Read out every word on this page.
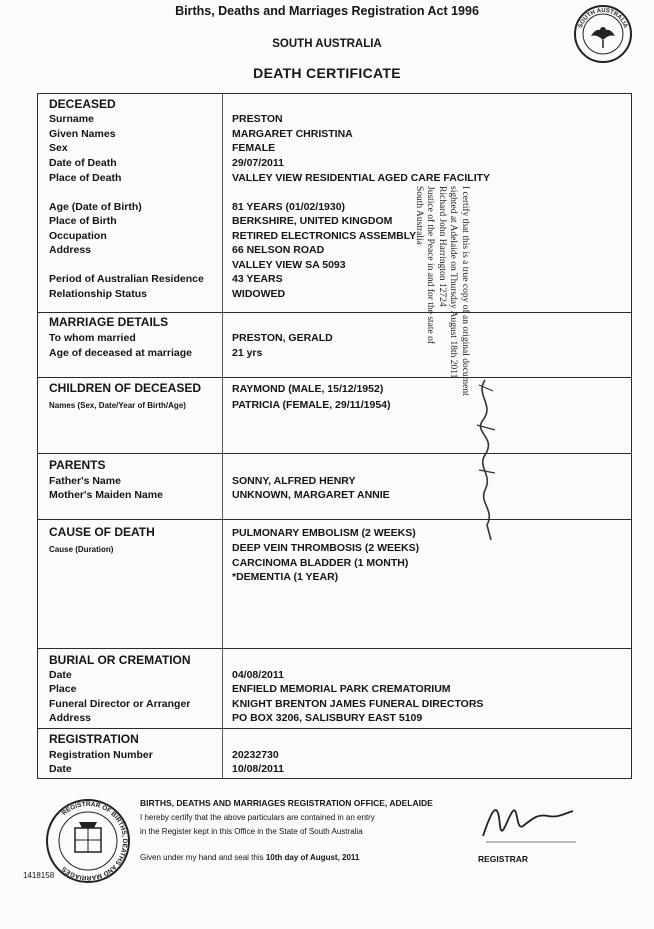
Births, Deaths and Marriages Registration Act 1996
SOUTH AUSTRALIA
DEATH CERTIFICATE
SOUTH AUSTRALIA
DECEASED
Surname	PRESTON
Given Names	MARGARET CHRISTINA
Sex	FEMALE
Date of Death	29/07/2011
Place of Death	VALLEY VIEW RESIDENTIAL AGED CARE FACILITY
Age (Date of Birth)	81 YEARS (01/02/1930)
Place of Birth	BERKSHIRE, UNITED KINGDOM
Occupation	RETIRED ELECTRONICS ASSEMBLY
Address	66 NELSON ROAD
VALLEY VIEW SA 5093
Period of Australian Residence	43 YEARS
Relationship Status	WIDOWED
MARRIAGE DETAILS
To whom married	PRESTON, GERALD
Age of deceased at marriage	21 yrs
CHILDREN OF DECEASED
Names (Sex, Date/Year of Birth/Age)
RAYMOND (MALE, 15/12/1952)
PATRICIA (FEMALE, 29/11/1954)
PARENTS
Father's Name	SONNY, ALFRED HENRY
Mother's Maiden Name	UNKNOWN, MARGARET ANNIE
CAUSE OF DEATH
Cause (Duration)
PULMONARY EMBOLISM (2 WEEKS)
DEEP VEIN THROMBOSIS (2 WEEKS)
CARCINOMA BLADDER (1 MONTH)
*DEMENTIA (1 YEAR)
BURIAL OR CREMATION
Date	04/08/2011
Place	ENFIELD MEMORIAL PARK CREMATORIUM
Funeral Director or Arranger	KNIGHT BRENTON JAMES FUNERAL DIRECTORS
Address	PO BOX 3206, SALISBURY EAST 5109
REGISTRATION
Registration Number	20232730
Date	10/08/2011
I certify that this is a true copy of an original document
sighted at Adelaide on Thursday August 18th 2011
Richard John Harrington 12724
Justice of the Peace in and for the state of
South Australia
REGISTRAR OF BIRTHS, DEATHS AND MARRIAGES
BIRTHS, DEATHS AND MARRIAGES REGISTRATION OFFICE, ADELAIDE
I hereby certify that the above particulars are contained in an entry
in the Register kept in this Office in the State of South Australia
Given under my hand and seal this 10th day of August, 2011	REGISTRAR
1418158
